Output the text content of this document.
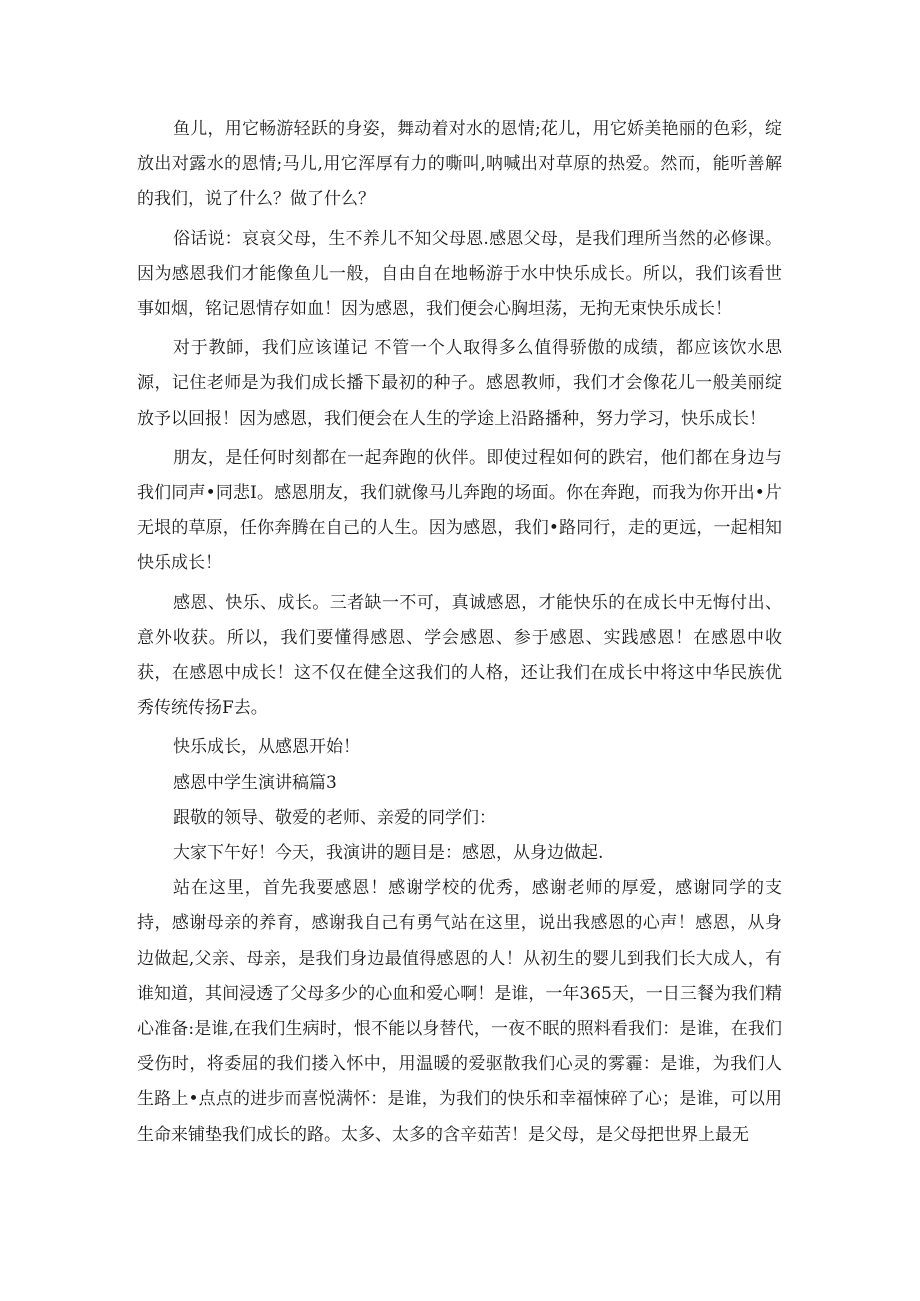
鱼儿，用它畅游轻跃的身姿，舞动着对水的恩情;花儿，用它娇美艳丽的色彩，绽放出对露水的恩情;马儿,用它浑厚有力的嘶叫,呐喊出对草原的热爱。然而，能听善解的我们，说了什么？做了什么？

俗话说：哀哀父母，生不养儿不知父母恩.感恩父母，是我们理所当然的必修课。因为感恩我们才能像鱼儿一般，自由自在地畅游于水中快乐成长。所以，我们该看世事如烟，铭记恩情存如血！因为感恩，我们便会心胸坦荡，无拘无束快乐成长！

对于教師，我们应该谨记 不管一个人取得多么值得骄傲的成绩，都应该饮水思源，记住老师是为我们成长播下最初的种子。感恩教师，我们才会像花儿一般美丽绽放予以回报！因为感恩，我们便会在人生的学途上沿路播种，努力学习，快乐成长！

朋友，是任何时刻都在一起奔跑的伙伴。即使过程如何的跌宕，他们都在身边与我们同声•同悲I。感恩朋友，我们就像马儿奔跑的场面。你在奔跑，而我为你开出•片无垠的草原，任你奔腾在自己的人生。因为感恩，我们•路同行，走的更远，一起相知快乐成长！

感恩、快乐、成长。三者缺一不可，真诚感恩，才能快乐的在成长中无悔付出、意外收获。所以，我们要懂得感恩、学会感恩、参于感恩、实践感恩！在感恩中收获，在感恩中成长！这不仅在健全这我们的人格，还让我们在成长中将这中华民族优秀传统传扬F去。

快乐成长，从感恩开始！

感恩中学生演讲稿篇3

跟敬的领导、敬爱的老师、亲爱的同学们：

大家下午好！今天，我演讲的题目是：感恩，从身边做起.

站在这里，首先我要感恩！感谢学校的优秀，感谢老师的厚爱，感谢同学的支持，感谢母亲的养育，感谢我自己有勇气站在这里，说出我感恩的心声！感恩，从身边做起,父亲、母亲，是我们身边最值得感恩的人！从初生的婴儿到我们长大成人，有谁知道，其间浸透了父母多少的心血和爱心啊！是谁，一年365天，一日三餐为我们精心准备:是谁,在我们生病时，恨不能以身替代，一夜不眠的照料看我们：是谁，在我们受伤时，将委屈的我们搂入怀中，用温暖的爱驱散我们心灵的雾霾：是谁，为我们人生路上•点点的进步而喜悦满怀：是谁，为我们的快乐和幸福悚碎了心；是谁，可以用生命来铺垫我们成长的路。太多、太多的含辛茹苦！是父母，是父母把世界上最无
